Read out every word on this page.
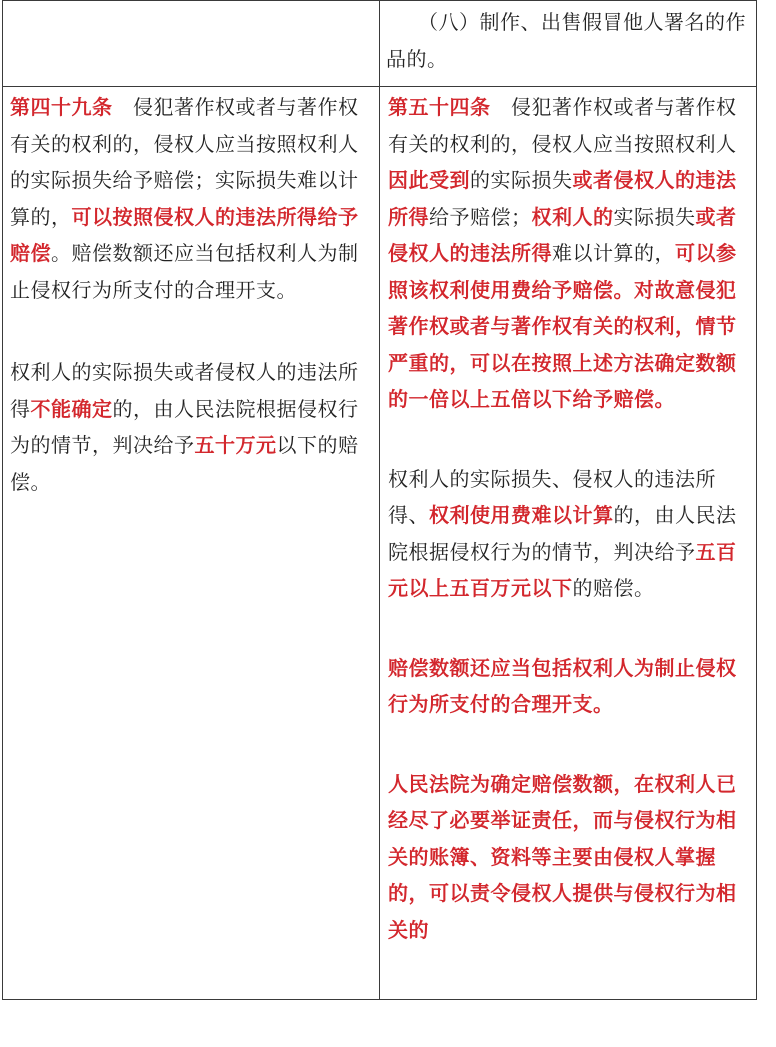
（八）制作、出售假冒他人署名的作品的。

第四十九条　 侵犯著作权或者与著作权有关的权利的，侵权人应当按照权利人的实际损失给予赔偿；实际损失难以计算的，可以按照侵权人的违法所得给予赔偿。赔偿数额还应当包括权利人为制止侵权行为所支付的合理开支。

权利人的实际损失或者侵权人的违法所得不能确定的，由人民法院根据侵权行为的情节，判决给予五十万元以下的赔偿。

第五十四条　 侵犯著作权或者与著作权有关的权利的，侵权人应当按照权利人因此受到的实际损失或者侵权人的违法所得给予赔偿；权利人的实际损失或者侵权人的违法所得难以计算的，可以参照该权利使用费给予赔偿。对故意侵犯著作权或者与著作权有关的权利，情节严重的，可以在按照上述方法确定数额的一倍以上五倍以下给予赔偿。

权利人的实际损失、侵权人的违法所得、权利使用费难以计算的，由人民法院根据侵权行为的情节，判决给予五百元以上五百万元以下的赔偿。

赔偿数额还应当包括权利人为制止侵权行为所支付的合理开支。

人民法院为确定赔偿数额，在权利人已经尽了必要举证责任，而与侵权行为相关的账簿、资料等主要由侵权人掌握的，可以责令侵权人提供与侵权行为相关的
